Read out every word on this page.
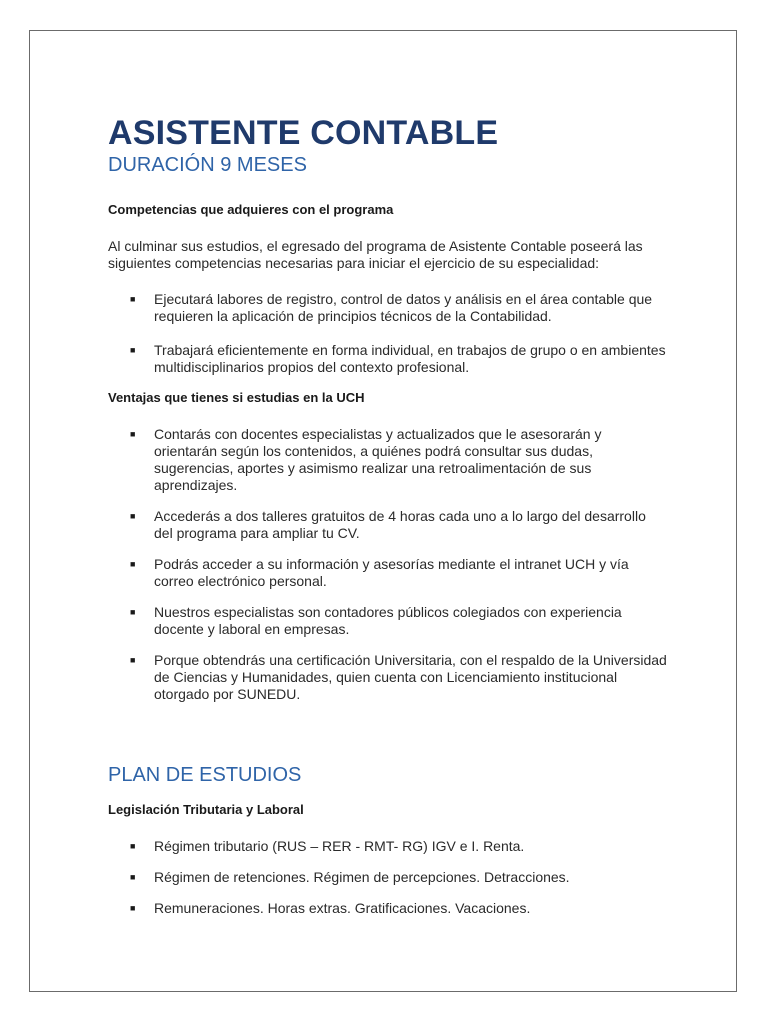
ASISTENTE CONTABLE
DURACIÓN 9 MESES
Competencias que adquieres con el programa

Al culminar sus estudios, el egresado del programa de Asistente Contable poseerá las siguientes competencias necesarias para iniciar el ejercicio de su especialidad:

■ Ejecutará labores de registro, control de datos y análisis en el área contable que requieren la aplicación de principios técnicos de la Contabilidad.
■ Trabajará eficientemente en forma individual, en trabajos de grupo o en ambientes multidisciplinarios propios del contexto profesional.
Ventajas que tienes si estudias en la UCH
■ Contarás con docentes especialistas y actualizados que le asesorarán y orientarán según los contenidos, a quiénes podrá consultar sus dudas, sugerencias, aportes y asimismo realizar una retroalimentación de sus aprendizajes.
■ Accederás a dos talleres gratuitos de 4 horas cada uno a lo largo del desarrollo del programa para ampliar tu CV.
■ Podrás acceder a su información y asesorías mediante el intranet UCH y vía correo electrónico personal.
■ Nuestros especialistas son contadores públicos colegiados con experiencia docente y laboral en empresas.
■ Porque obtendrás una certificación Universitaria, con el respaldo de la Universidad de Ciencias y Humanidades, quien cuenta con Licenciamiento institucional otorgado por SUNEDU.
PLAN DE ESTUDIOS
Legislación Tributaria y Laboral
■ Régimen tributario (RUS – RER - RMT- RG) IGV e I. Renta.
■ Régimen de retenciones. Régimen de percepciones. Detracciones.
■ Remuneraciones. Horas extras. Gratificaciones. Vacaciones.
